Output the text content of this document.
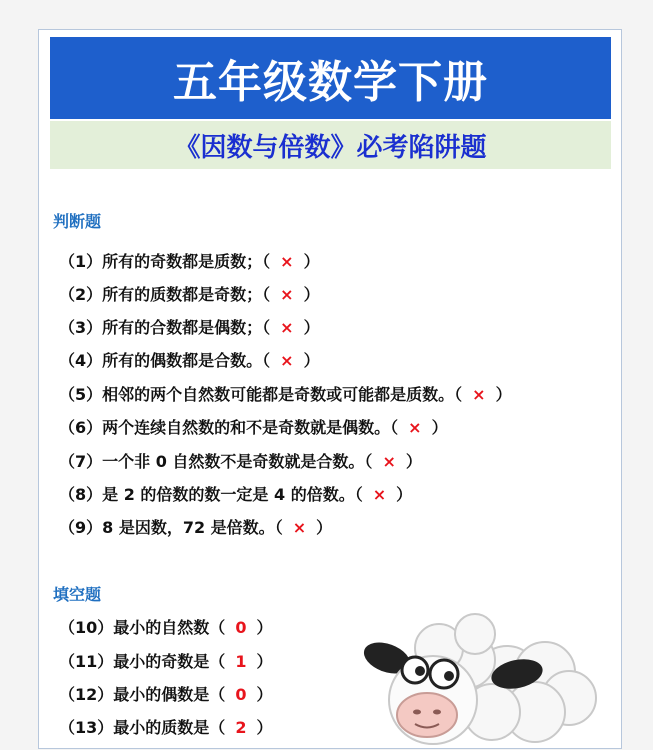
五年级数学下册
《因数与倍数》必考陷阱题
判断题
（1）所有的奇数都是质数；（ × ）
（2）所有的质数都是奇数；（ × ）
（3）所有的合数都是偶数；（ × ）
（4）所有的偶数都是合数。（ × ）
（5）相邻的两个自然数可能都是奇数或可能都是质数。（ × ）
（6）两个连续自然数的和不是奇数就是偶数。（ × ）
（7）一个非 0 自然数不是奇数就是合数。（ × ）
（8）是 2 的倍数的数一定是 4 的倍数。（ × ）
（9）8 是因数，72 是倍数。（ × ）
填空题
（10）最小的自然数（ 0 ）
（11）最小的奇数是（ 1 ）
（12）最小的偶数是（ 0 ）
（13）最小的质数是（ 2 ）
